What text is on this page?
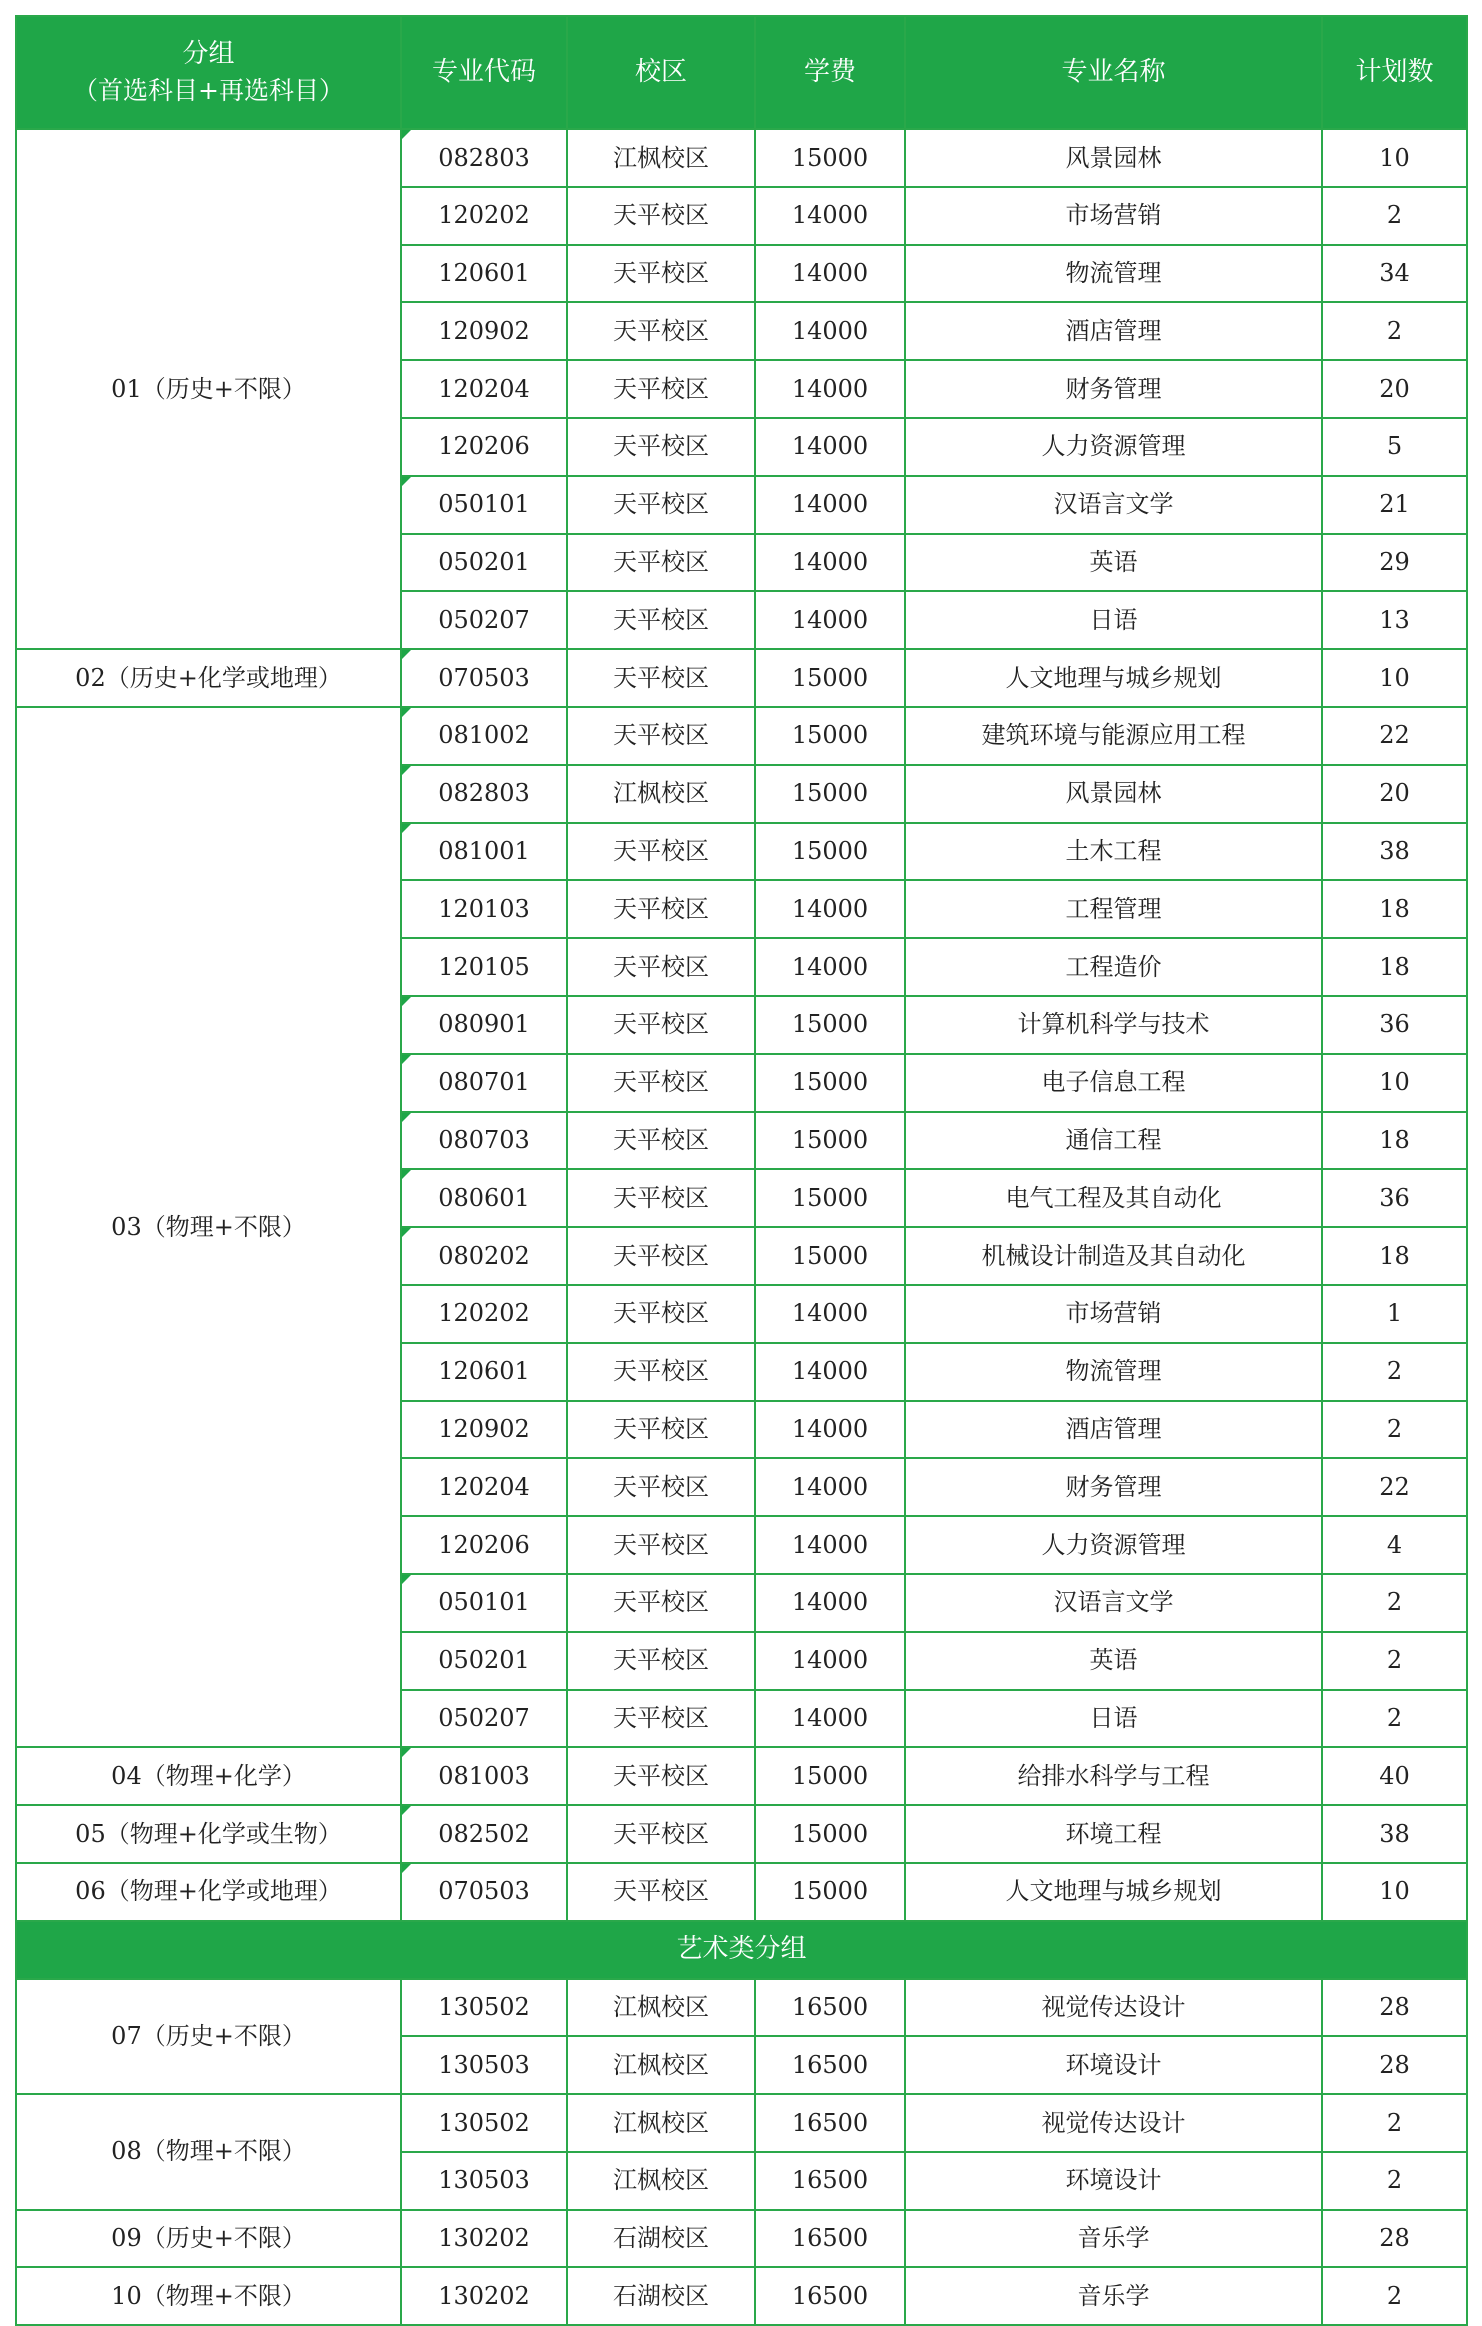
分组
（首选科目+再选科目）	专业代码	校区	学费	专业名称	计划数
01（历史+不限）	082803	江枫校区	15000	风景园林	10
	120202	天平校区	14000	市场营销	2
	120601	天平校区	14000	物流管理	34
	120902	天平校区	14000	酒店管理	2
	120204	天平校区	14000	财务管理	20
	120206	天平校区	14000	人力资源管理	5
	050101	天平校区	14000	汉语言文学	21
	050201	天平校区	14000	英语	29
	050207	天平校区	14000	日语	13
02（历史+化学或地理）	070503	天平校区	15000	人文地理与城乡规划	10
03（物理+不限）	081002	天平校区	15000	建筑环境与能源应用工程	22
	082803	江枫校区	15000	风景园林	20
	081001	天平校区	15000	土木工程	38
	120103	天平校区	14000	工程管理	18
	120105	天平校区	14000	工程造价	18
	080901	天平校区	15000	计算机科学与技术	36
	080701	天平校区	15000	电子信息工程	10
	080703	天平校区	15000	通信工程	18
	080601	天平校区	15000	电气工程及其自动化	36
	080202	天平校区	15000	机械设计制造及其自动化	18
	120202	天平校区	14000	市场营销	1
	120601	天平校区	14000	物流管理	2
	120902	天平校区	14000	酒店管理	2
	120204	天平校区	14000	财务管理	22
	120206	天平校区	14000	人力资源管理	4
	050101	天平校区	14000	汉语言文学	2
	050201	天平校区	14000	英语	2
	050207	天平校区	14000	日语	2
04（物理+化学）	081003	天平校区	15000	给排水科学与工程	40
05（物理+化学或生物）	082502	天平校区	15000	环境工程	38
06（物理+化学或地理）	070503	天平校区	15000	人文地理与城乡规划	10
艺术类分组					
07（历史+不限）	130502	江枫校区	16500	视觉传达设计	28
	130503	江枫校区	16500	环境设计	28
08（物理+不限）	130502	江枫校区	16500	视觉传达设计	2
	130503	江枫校区	16500	环境设计	2
09（历史+不限）	130202	石湖校区	16500	音乐学	28
10（物理+不限）	130202	石湖校区	16500	音乐学	2
